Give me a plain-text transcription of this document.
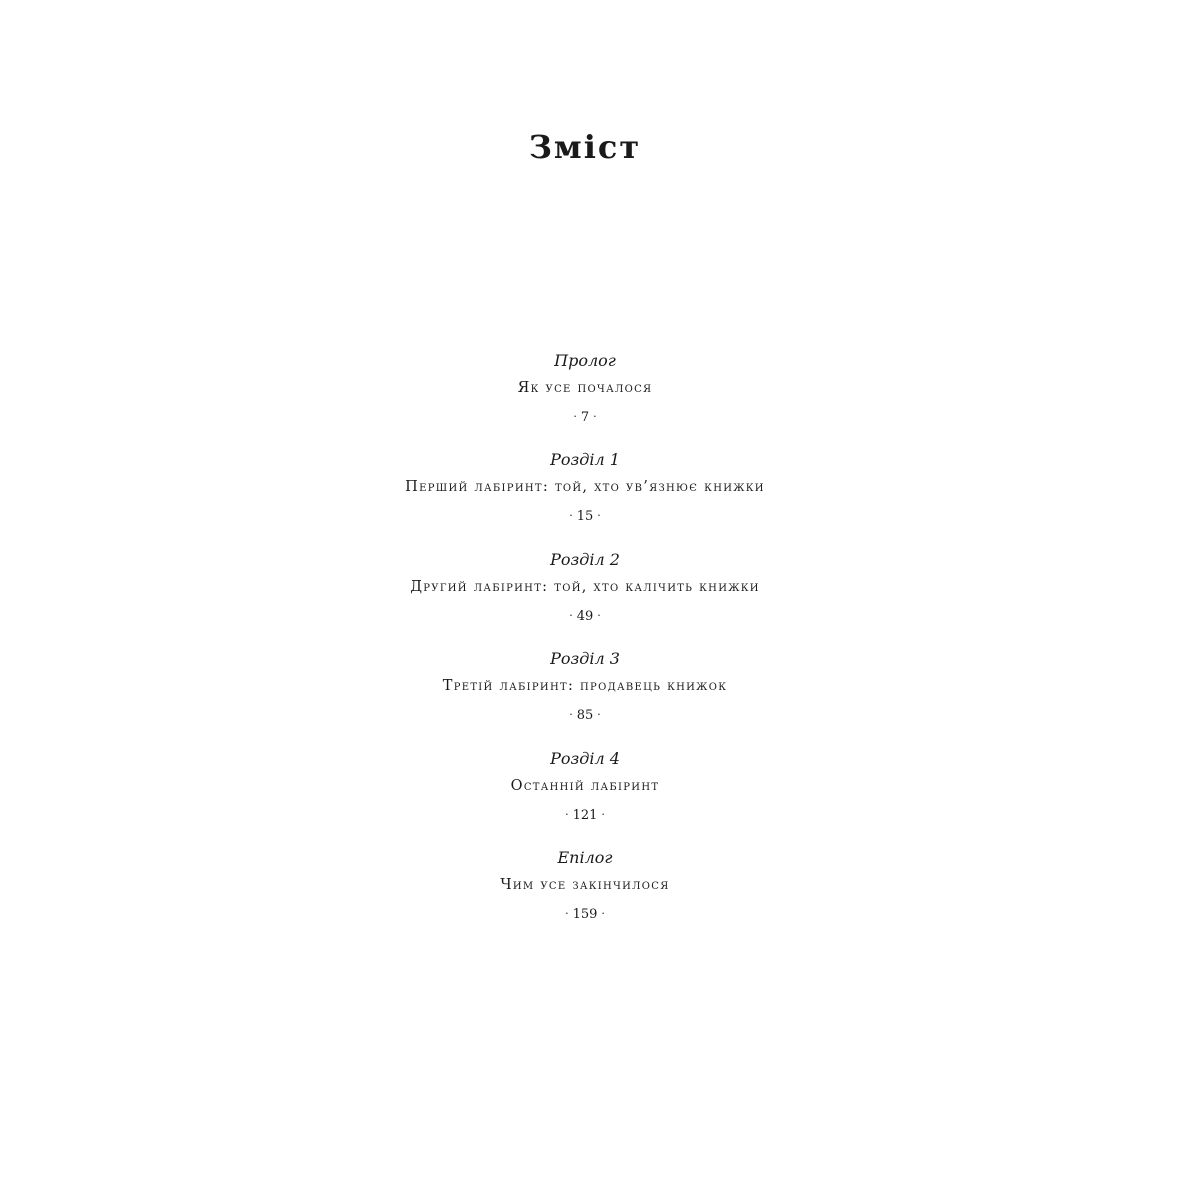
Зміст
Пролог
Як усе почалося
· 7 ·
Розділ 1
Перший лабіринт: той, хто ув’язнює книжки
· 15 ·
Розділ 2
Другий лабіринт: той, хто калічить книжки
· 49 ·
Розділ 3
Третій лабіринт: продавець книжок
· 85 ·
Розділ 4
Останній лабіринт
· 121 ·
Епілог
Чим усе закінчилося
· 159 ·
